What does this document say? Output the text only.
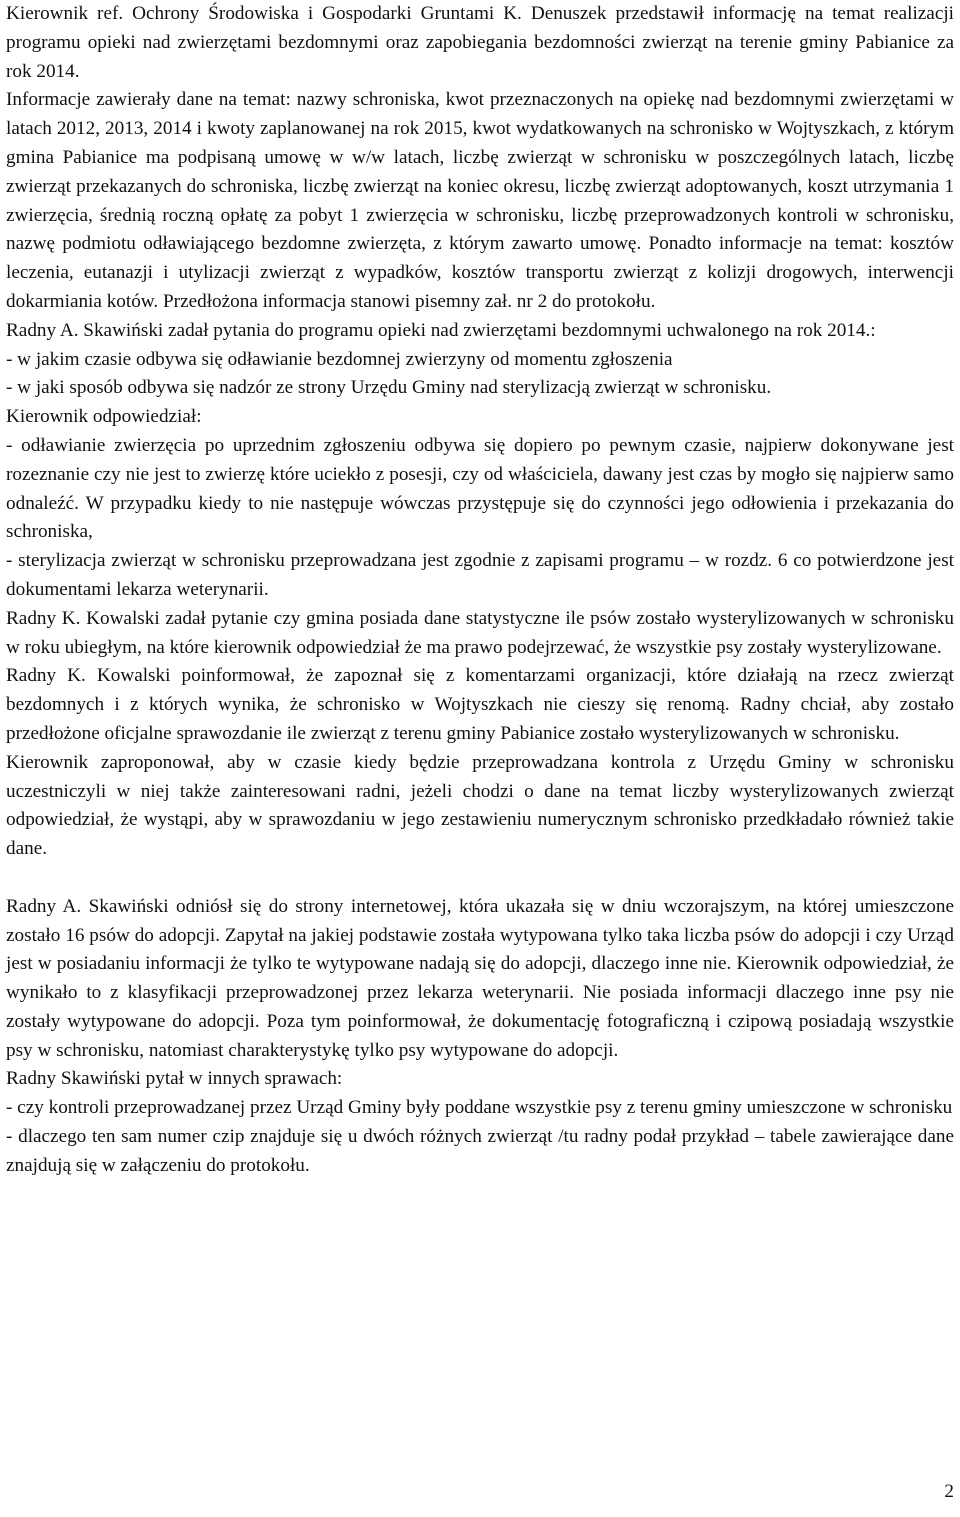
Kierownik ref. Ochrony Środowiska i Gospodarki Gruntami K. Denuszek przedstawił informację na temat realizacji programu opieki nad zwierzętami bezdomnymi oraz zapobiegania bezdomności zwierząt na terenie gminy Pabianice za rok 2014.

Informacje zawierały dane na temat: nazwy schroniska, kwot przeznaczonych na opiekę nad bezdomnymi zwierzętami w latach 2012, 2013, 2014 i kwoty zaplanowanej na rok 2015, kwot wydatkowanych na schronisko w Wojtyszkach, z którym gmina Pabianice ma podpisaną umowę w w/w latach, liczbę zwierząt w schronisku w poszczególnych latach, liczbę zwierząt przekazanych do schroniska, liczbę zwierząt na koniec okresu, liczbę zwierząt adoptowanych, koszt utrzymania 1 zwierzęcia, średnią roczną opłatę za pobyt 1 zwierzęcia w schronisku, liczbę przeprowadzonych kontroli w schronisku, nazwę podmiotu odławiającego bezdomne zwierzęta, z którym zawarto umowę. Ponadto informacje na temat: kosztów leczenia, eutanazji i utylizacji zwierząt z wypadków, kosztów transportu zwierząt z kolizji drogowych, interwencji dokarmiania kotów. Przedłożona informacja stanowi pisemny zał. nr 2 do protokołu.

Radny A. Skawiński zadał pytania do programu opieki nad zwierzętami bezdomnymi uchwalonego na rok 2014.:

- w jakim czasie odbywa się odławianie bezdomnej zwierzyny od momentu zgłoszenia

- w jaki sposób odbywa się nadzór ze strony Urzędu Gminy nad sterylizacją zwierząt w schronisku.

Kierownik odpowiedział:

- odławianie zwierzęcia po uprzednim zgłoszeniu odbywa się dopiero po pewnym czasie, najpierw dokonywane jest rozeznanie czy nie jest to zwierzę które uciekło z posesji, czy od właściciela, dawany jest czas by mogło się najpierw samo odnaleźć. W przypadku kiedy to nie następuje wówczas przystępuje się do czynności jego odłowienia i przekazania do schroniska,

- sterylizacja zwierząt w schronisku przeprowadzana jest zgodnie z zapisami programu – w rozdz. 6 co potwierdzone jest dokumentami lekarza weterynarii.

Radny K. Kowalski zadał pytanie czy gmina posiada dane statystyczne ile psów zostało wysterylizowanych w schronisku w roku ubiegłym, na które kierownik odpowiedział że ma prawo podejrzewać, że wszystkie psy zostały wysterylizowane.

Radny K. Kowalski poinformował, że zapoznał się z komentarzami organizacji, które działają na rzecz zwierząt bezdomnych i z których wynika, że schronisko w Wojtyszkach nie cieszy się renomą. Radny chciał, aby zostało przedłożone oficjalne sprawozdanie ile zwierząt z terenu gminy Pabianice zostało wysterylizowanych w schronisku.

Kierownik zaproponował, aby w czasie kiedy będzie przeprowadzana kontrola z Urzędu Gminy w schronisku uczestniczyli w niej także zainteresowani radni, jeżeli chodzi o dane na temat liczby wysterylizowanych zwierząt odpowiedział, że wystąpi, aby w sprawozdaniu w jego zestawieniu numerycznym schronisko przedkładało również takie dane.

Radny A. Skawiński odniósł się do strony internetowej, która ukazała się w dniu wczorajszym, na której umieszczone zostało 16 psów do adopcji. Zapytał na jakiej podstawie została wytypowana tylko taka liczba psów do adopcji i czy Urząd jest w posiadaniu informacji że tylko te wytypowane nadają się do adopcji, dlaczego inne nie. Kierownik odpowiedział, że wynikało to z klasyfikacji przeprowadzonej przez lekarza weterynarii. Nie posiada informacji dlaczego inne psy nie zostały wytypowane do adopcji. Poza tym poinformował, że dokumentację fotograficzną i czipową posiadają wszystkie psy w schronisku, natomiast charakterystykę tylko psy wytypowane do adopcji.

Radny Skawiński pytał w innych sprawach:

- czy kontroli przeprowadzanej przez Urząd Gminy były poddane wszystkie psy z terenu gminy umieszczone w schronisku

- dlaczego ten sam numer czip znajduje się u dwóch różnych zwierząt /tu radny podał przykład – tabele zawierające dane znajdują się w załączeniu do protokołu.

2
